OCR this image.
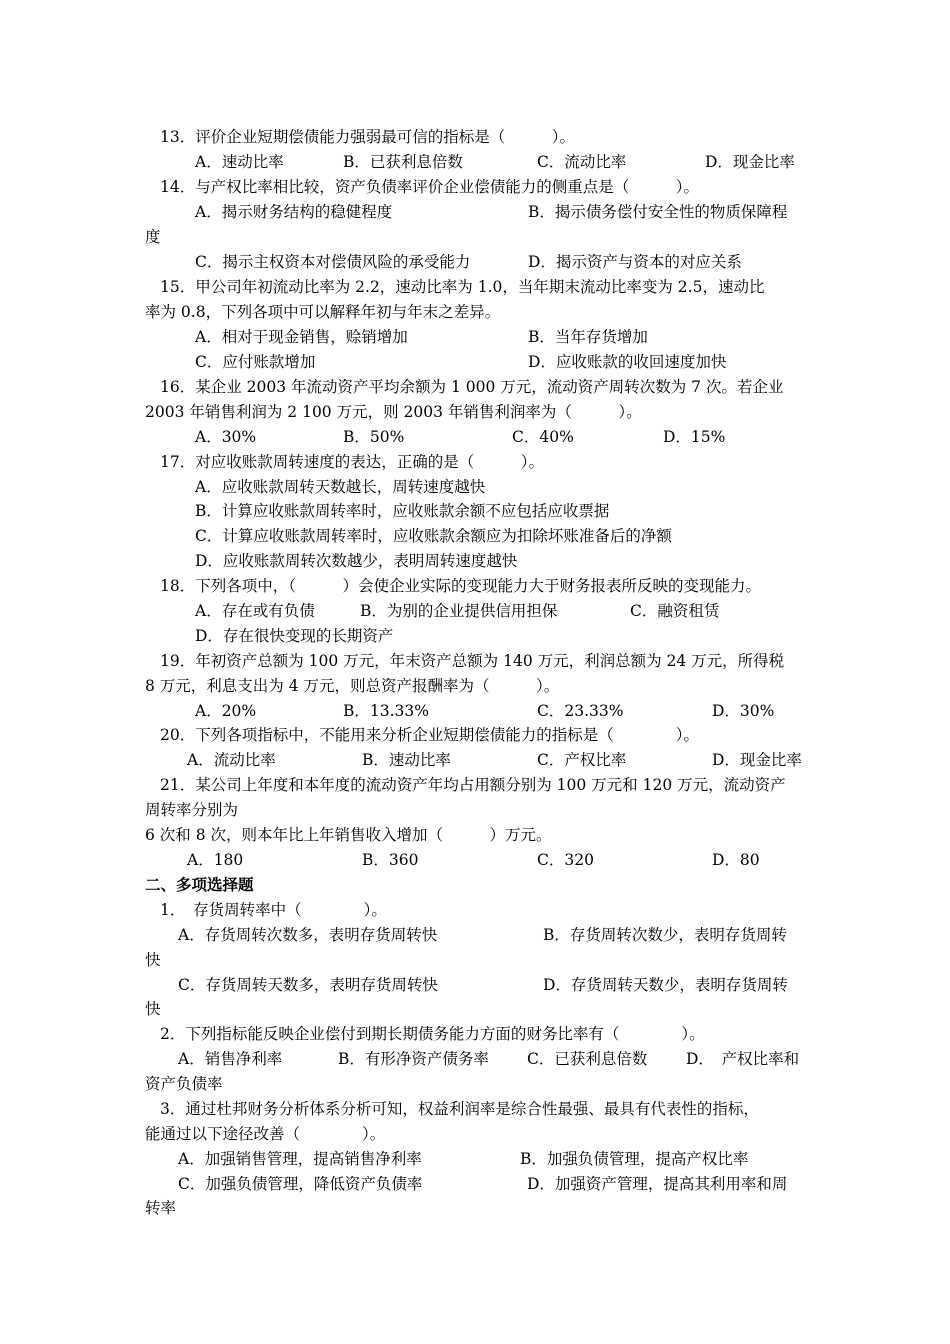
13．评价企业短期偿债能力强弱最可信的指标是（　　　）。
A．速动比率	B．已获利息倍数	C．流动比率	D．现金比率
14．与产权比率相比较，资产负债率评价企业偿债能力的侧重点是（　　　）。
A．揭示财务结构的稳健程度	B．揭示债务偿付安全性的物质保障程
度
C．揭示主权资本对偿债风险的承受能力	D．揭示资产与资本的对应关系
15．甲公司年初流动比率为 2.2，速动比率为 1.0，当年期末流动比率变为 2.5，速动比
率为 0.8，下列各项中可以解释年初与年末之差异。
A．相对于现金销售，赊销增加	B．当年存货增加
C．应付账款增加	D．应收账款的收回速度加快
16．某企业 2003 年流动资产平均余额为 1 000 万元，流动资产周转次数为 7 次。若企业
2003 年销售利润为 2 100 万元，则 2003 年销售利润率为（　　　）。
A．30%	B．50%	C．40%	D．15%
17．对应收账款周转速度的表达，正确的是（　　　）。
A．应收账款周转天数越长，周转速度越快
B．计算应收账款周转率时，应收账款余额不应包括应收票据
C．计算应收账款周转率时，应收账款余额应为扣除坏账准备后的净额
D．应收账款周转次数越少，表明周转速度越快
18．下列各项中，（　　　）会使企业实际的变现能力大于财务报表所反映的变现能力。
A．存在或有负债	B．为别的企业提供信用担保	C．融资租赁
D．存在很快变现的长期资产
19．年初资产总额为 100 万元，年末资产总额为 140 万元，利润总额为 24 万元，所得税
8 万元，利息支出为 4 万元，则总资产报酬率为（　　　）。
A．20%	B．13.33%	C．23.33%	D．30%
20．下列各项指标中，不能用来分析企业短期偿债能力的指标是（　　　　）。
A．流动比率	B．速动比率	C．产权比率	D．现金比率
21．某公司上年度和本年度的流动资产年均占用额分别为 100 万元和 120 万元，流动资产
周转率分别为
6 次和 8 次，则本年比上年销售收入增加（　　　）万元。
A．180	B．360	C．320	D．80
二、多项选择题
1．　存货周转率中（　　　　）。
A．存货周转次数多，表明存货周转快	B．存货周转次数少，表明存货周转
快
C．存货周转天数多，表明存货周转快	D．存货周转天数少，表明存货周转
快
2．下列指标能反映企业偿付到期长期债务能力方面的财务比率有（　　　　）。
A．销售净利率	B．有形净资产债务率 C．已获利息倍数 D．　产权比率和
资产负债率
3．通过杜邦财务分析体系分析可知，权益利润率是综合性最强、最具有代表性的指标，
能通过以下途径改善（　　　　）。
A．加强销售管理，提高销售净利率	B．加强负债管理，提高产权比率
C．加强负债管理，降低资产负债率	D．加强资产管理，提高其利用率和周
转率
